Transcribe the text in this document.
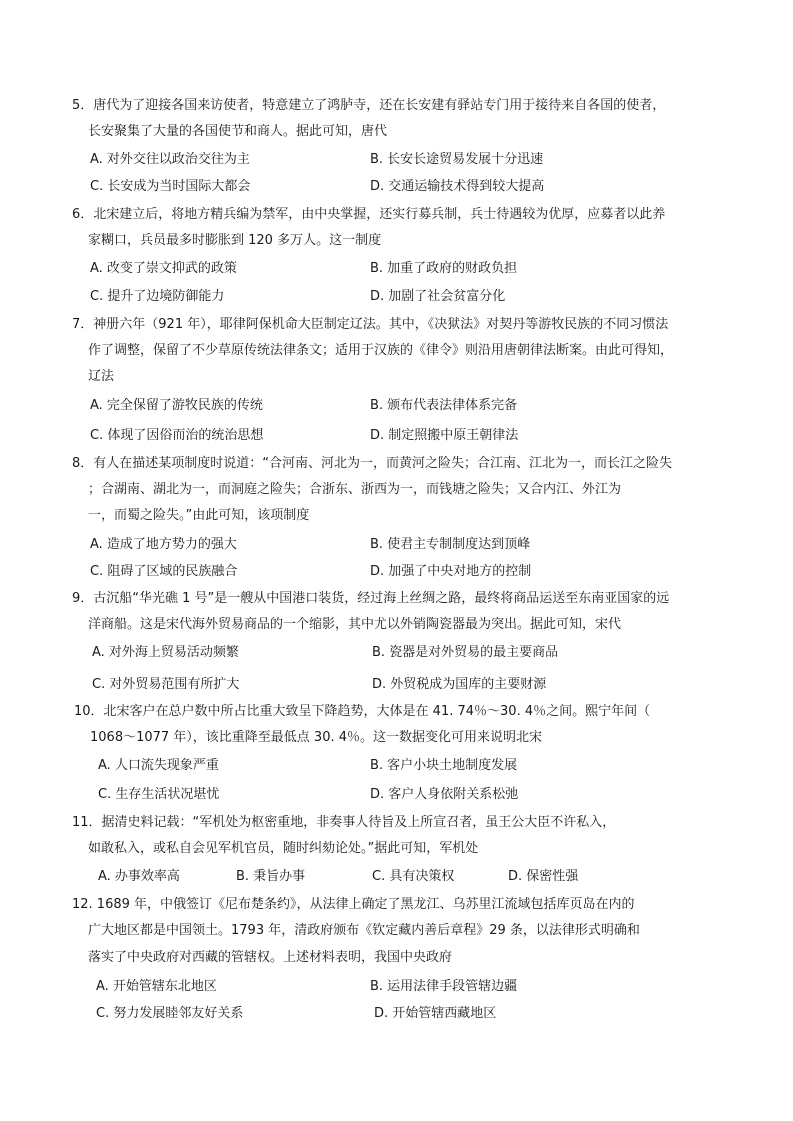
5．唐代为了迎接各国来访使者，特意建立了鸿胪寺，还在长安建有驿站专门用于接待来自各国的使者，
长安聚集了大量的各国使节和商人。据此可知，唐代
A. 对外交往以政治交往为主	B. 长安长途贸易发展十分迅速
C. 长安成为当时国际大都会	D. 交通运输技术得到较大提高
6．北宋建立后，将地方精兵编为禁军，由中央掌握，还实行募兵制，兵士待遇较为优厚，应募者以此养
家糊口，兵员最多时膨胀到 120 多万人。这一制度
A. 改变了崇文抑武的政策	B. 加重了政府的财政负担
C. 提升了边境防御能力	D. 加剧了社会贫富分化
7．神册六年（921 年），耶律阿保机命大臣制定辽法。其中，《决狱法》对契丹等游牧民族的不同习惯法
作了调整，保留了不少草原传统法律条文；适用于汉族的《律令》则沿用唐朝律法断案。由此可得知，
辽法
A. 完全保留了游牧民族的传统	B. 颁布代表法律体系完备
C. 体现了因俗而治的统治思想	D. 制定照搬中原王朝律法
8．有人在描述某项制度时说道：“合河南、河北为一，而黄河之险失；合江南、江北为一，而长江之险失
；合湖南、湖北为一，而洞庭之险失；合浙东、浙西为一，而钱塘之险失；又合内江、外江为
一，而蜀之险失。”由此可知，该项制度
A. 造成了地方势力的强大	B. 使君主专制制度达到顶峰
C. 阻碍了区域的民族融合	D. 加强了中央对地方的控制
9．古沉船“华光礁 1 号”是一艘从中国港口装货，经过海上丝绸之路，最终将商品运送至东南亚国家的远
洋商船。这是宋代海外贸易商品的一个缩影，其中尤以外销陶瓷器最为突出。据此可知，宋代
A. 对外海上贸易活动频繁	B. 瓷器是对外贸易的最主要商品
C. 对外贸易范围有所扩大	D. 外贸税成为国库的主要财源
10．北宋客户在总户数中所占比重大致呈下降趋势，大体是在 41. 74％～30. 4％之间。熙宁年间（
1068～1077 年），该比重降至最低点 30. 4％。这一数据变化可用来说明北宋
A. 人口流失现象严重	B. 客户小块土地制度发展
C. 生存生活状况堪忧	D. 客户人身依附关系松弛
11．据清史料记载：“军机处为枢密重地，非奏事人待旨及上所宣召者，虽王公大臣不许私入，
如敢私入，或私自会见军机官员，随时纠劾论处。”据此可知，军机处
A. 办事效率高	B. 秉旨办事	C. 具有决策权	D. 保密性强
12. 1689 年，中俄签订《尼布楚条约》，从法律上确定了黑龙江、乌苏里江流域包括库页岛在内的
广大地区都是中国领土。1793 年，清政府颁布《钦定藏内善后章程》29 条，以法律形式明确和
落实了中央政府对西藏的管辖权。上述材料表明，我国中央政府
A. 开始管辖东北地区	B. 运用法律手段管辖边疆
C. 努力发展睦邻友好关系	D. 开始管辖西藏地区
